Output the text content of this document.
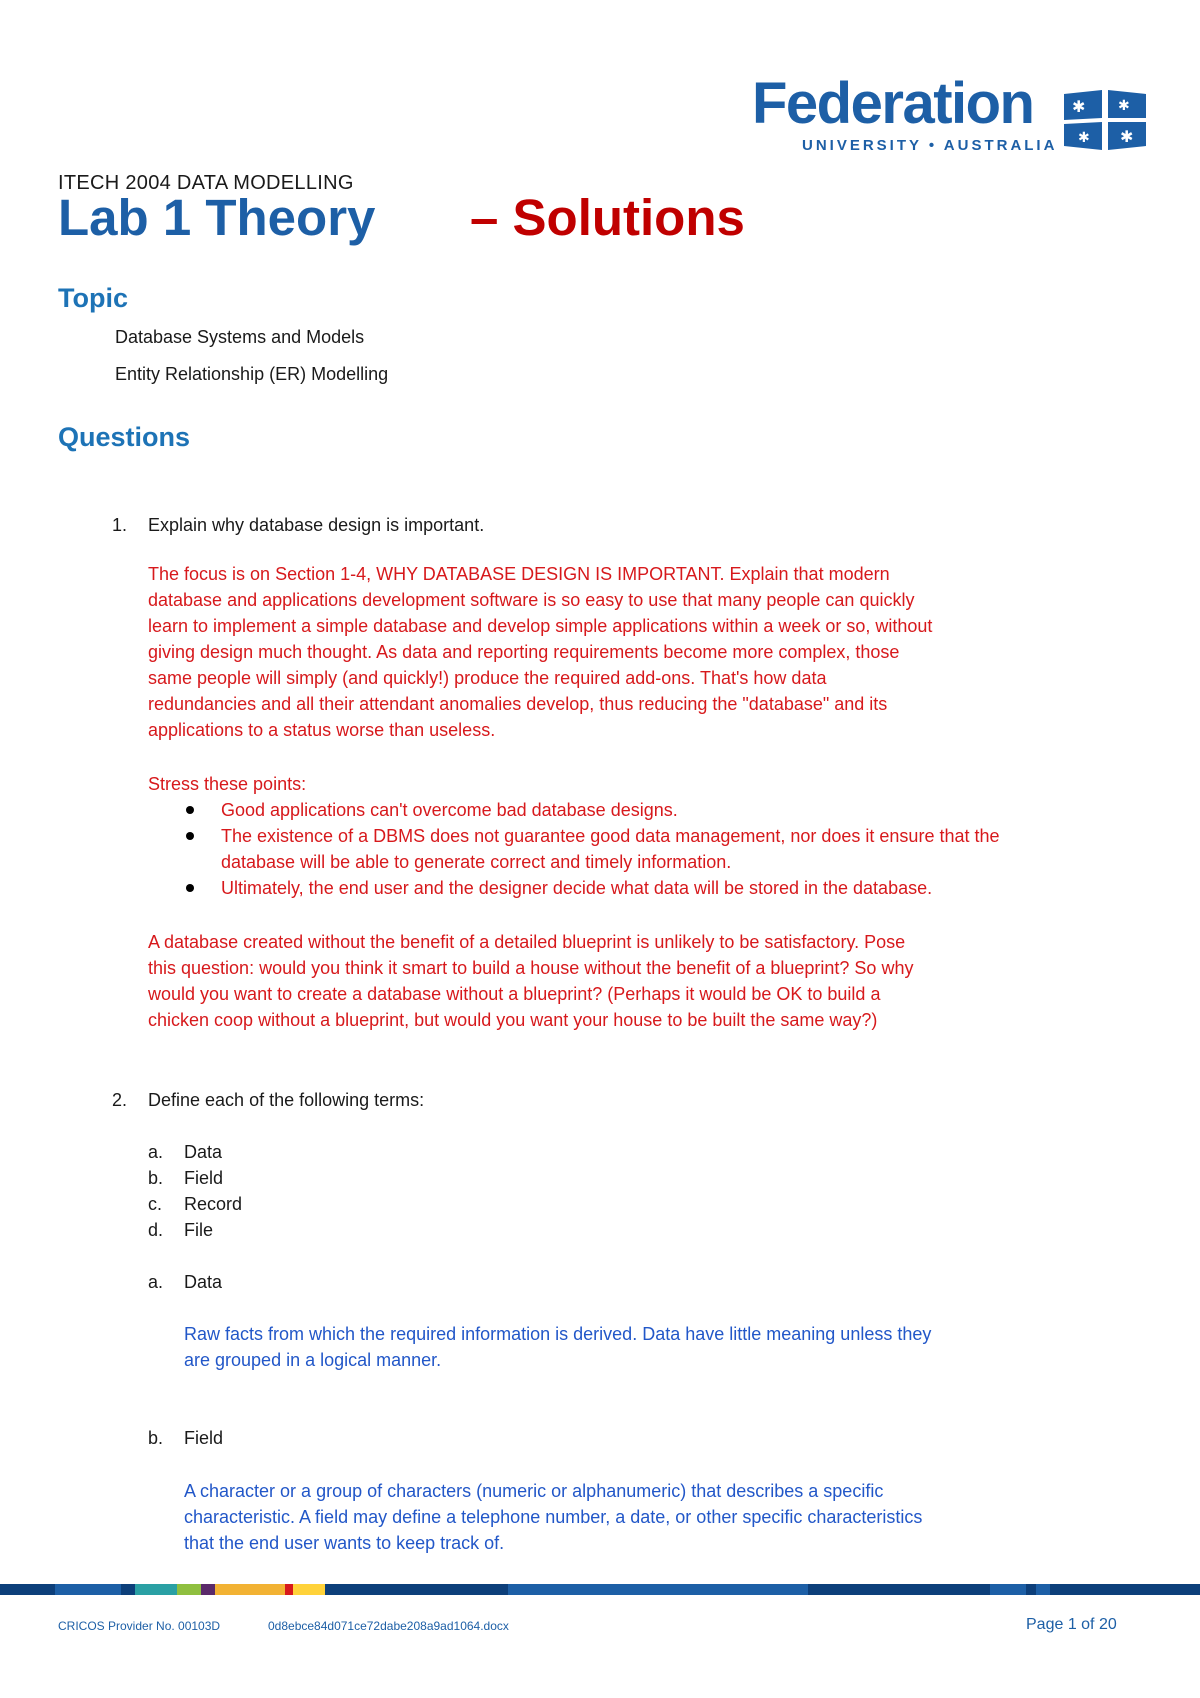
Federation
UNIVERSITY • AUSTRALIA
✱ ✱
✱ ✱
ITECH 2004 DATA MODELLING
Lab 1 Theory – Solutions
Topic
Database Systems and Models
Entity Relationship (ER) Modelling
Questions
1. Explain why database design is important.
The focus is on Section 1-4, WHY DATABASE DESIGN IS IMPORTANT. Explain that modern
database and applications development software is so easy to use that many people can quickly
learn to implement a simple database and develop simple applications within a week or so, without
giving design much thought. As data and reporting requirements become more complex, those
same people will simply (and quickly!) produce the required add-ons. That's how data
redundancies and all their attendant anomalies develop, thus reducing the "database" and its
applications to a status worse than useless.
Stress these points:
Good applications can't overcome bad database designs.
The existence of a DBMS does not guarantee good data management, nor does it ensure that the
database will be able to generate correct and timely information.
Ultimately, the end user and the designer decide what data will be stored in the database.
A database created without the benefit of a detailed blueprint is unlikely to be satisfactory. Pose
this question: would you think it smart to build a house without the benefit of a blueprint? So why
would you want to create a database without a blueprint? (Perhaps it would be OK to build a
chicken coop without a blueprint, but would you want your house to be built the same way?)
2. Define each of the following terms:
a. Data
b. Field
c. Record
d. File
a. Data
Raw facts from which the required information is derived. Data have little meaning unless they
are grouped in a logical manner.
b. Field
A character or a group of characters (numeric or alphanumeric) that describes a specific
characteristic. A field may define a telephone number, a date, or other specific characteristics
that the end user wants to keep track of.
CRICOS Provider No. 00103D	0d8ebce84d071ce72dabe208a9ad1064.docx	Page 1 of 20
